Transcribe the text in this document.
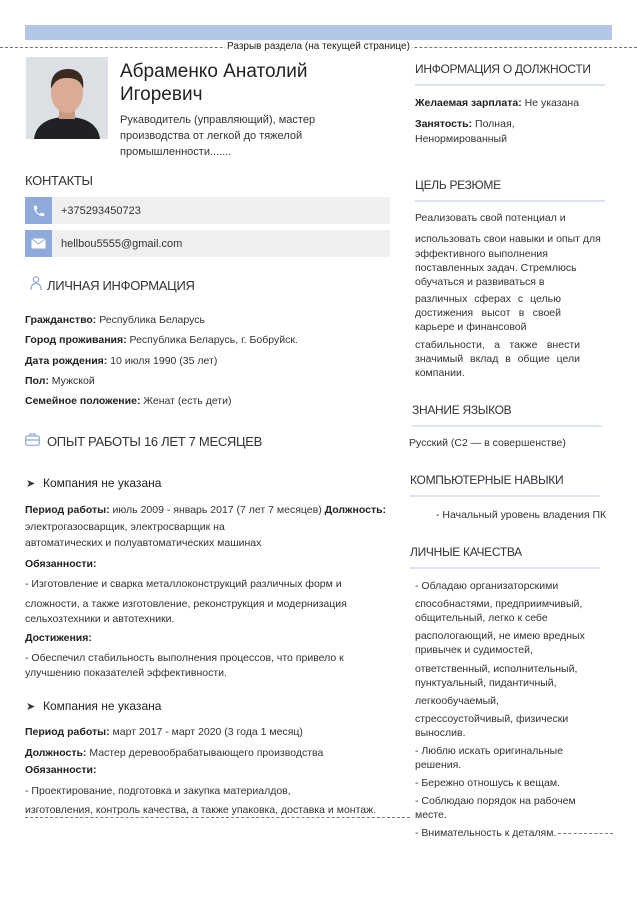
Разрыв раздела (на текущей странице)
Абраменко Анатолий
Игоревич
Рукаводитель (управляющий), мастер
производства от легкой до тяжелой
промышленности.......
КОНТАКТЫ
+375293450723
hellbou5555@gmail.com
ЛИЧНАЯ ИНФОРМАЦИЯ
Гражданство: Республика Беларусь
Город проживания: Республика Беларусь, г. Бобруйск.
Дата рождения: 10 июля 1990 (35 лет)
Пол: Мужской
Семейное положение: Женат (есть дети)
ОПЫТ РАБОТЫ 16 ЛЕТ 7 МЕСЯЦЕВ
➤ Компания не указана
Период работы: июль 2009 - январь 2017 (7 лет 7 месяцев) Должность:
электрогазосварщик, электросварщик на
автоматических и полуавтоматических машинах
Обязанности:
- Изготовление и сварка металлоконструкций различных форм и
сложности, а также изготовление, реконструкция и модернизация
сельхозтехники и автотехники.
Достижения:
- Обеспечил стабильность выполнения процессов, что привело к
улучшению показателей эффективности.
➤ Компания не указана
Период работы: март 2017 - март 2020 (3 года 1 месяц)
Должность: Мастер деревообрабатывающего производства
Обязанности:
- Проектирование, подготовка и закупка материалдов,
изготовления, контроль качества, а также упаковка, доставка и монтаж.
ИНФОРМАЦИЯ О ДОЛЖНОСТИ
Желаемая зарплата: Не указана
Занятость: Полная,
Ненормированный
ЦЕЛЬ РЕЗЮМЕ
Реализовать свой потенциал и
использовать свои навыки и опыт для
эффективного выполнения
поставленных задач. Стремлюсь
обучаться и развиваться в
различных сферах с целью
достижения высот в своей
карьере и финансовой
стабильности, а также внести
значимый вклад в общие цели
компании.
ЗНАНИЕ ЯЗЫКОВ
Русский (C2 — в совершенстве)
КОМПЬЮТЕРНЫЕ НАВЫКИ
- Начальный уровень владения ПК
ЛИЧНЫЕ КАЧЕСТВА
- Обладаю организаторскими
способнастями, предприимчивый,
общительный, легко к себе
распологающий, не имею вредных
привычек и судимостей,
ответственный, исполнительный,
пунктуальный, пидантичный,
легкообучаемый,
стрессоустойчивый, физически
вынослив.
- Люблю искать оригинальные
решения.
- Бережно отношусь к вещам.
- Соблюдаю порядок на рабочем
месте.
- Внимательность к деталям.
